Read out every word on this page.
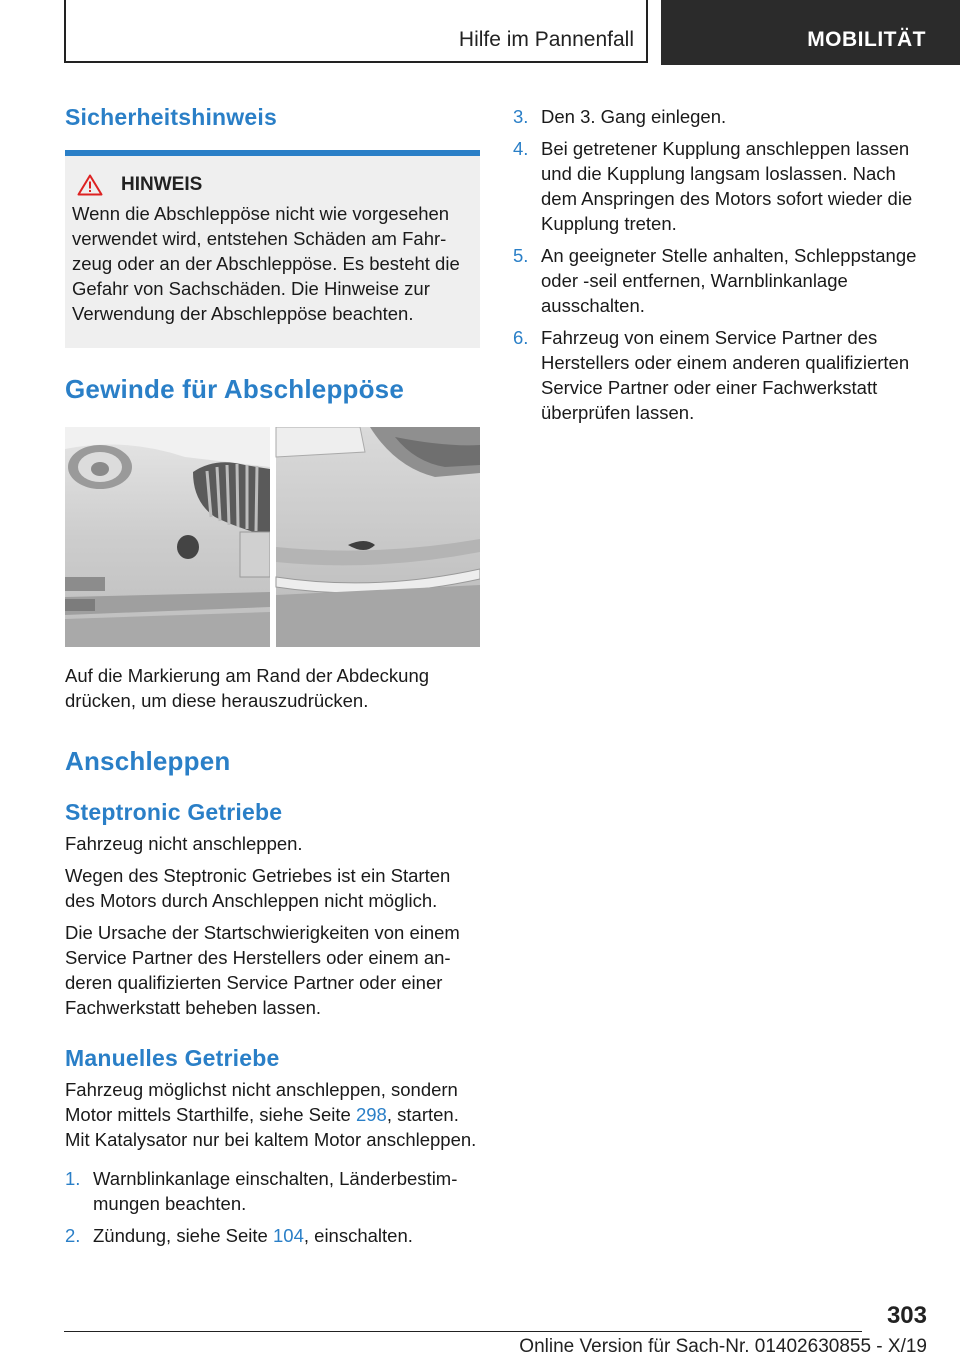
Hilfe im Pannenfall	MOBILITÄT
Sicherheitshinweis
HINWEIS
Wenn die Abschleppöse nicht wie vorgesehen verwendet wird, entstehen Schäden am Fahrzeug oder an der Abschleppöse. Es besteht die Gefahr von Sachschäden. Die Hinweise zur Verwendung der Abschleppöse beachten.
Gewinde für Abschleppöse

Auf die Markierung am Rand der Abdeckung drücken, um diese herauszudrücken.

Anschleppen
Steptronic Getriebe

Fahrzeug nicht anschleppen.

Wegen des Steptronic Getriebes ist ein Starten des Motors durch Anschleppen nicht möglich.

Die Ursache der Startschwierigkeiten von einem Service Partner des Herstellers oder einem anderen qualifizierten Service Partner oder einer Fachwerkstatt beheben lassen.

Manuelles Getriebe

Fahrzeug möglichst nicht anschleppen, sondern Motor mittels Starthilfe, siehe Seite 298, starten.

Mit Katalysator nur bei kaltem Motor anschleppen.

1. Warnblinkanlage einschalten, Länderbestimmungen beachten.
2. Zündung, siehe Seite 104, einschalten.
3. Den 3. Gang einlegen.
4. Bei getretener Kupplung anschleppen lassen und die Kupplung langsam loslassen. Nach dem Anspringen des Motors sofort wieder die Kupplung treten.
5. An geeigneter Stelle anhalten, Schleppstange oder -seil entfernen, Warnblinkanlage ausschalten.
6. Fahrzeug von einem Service Partner des Herstellers oder einem anderen qualifizierten Service Partner oder einer Fachwerkstatt überprüfen lassen.
303
Online Version für Sach-Nr. 01402630855 - X/19
